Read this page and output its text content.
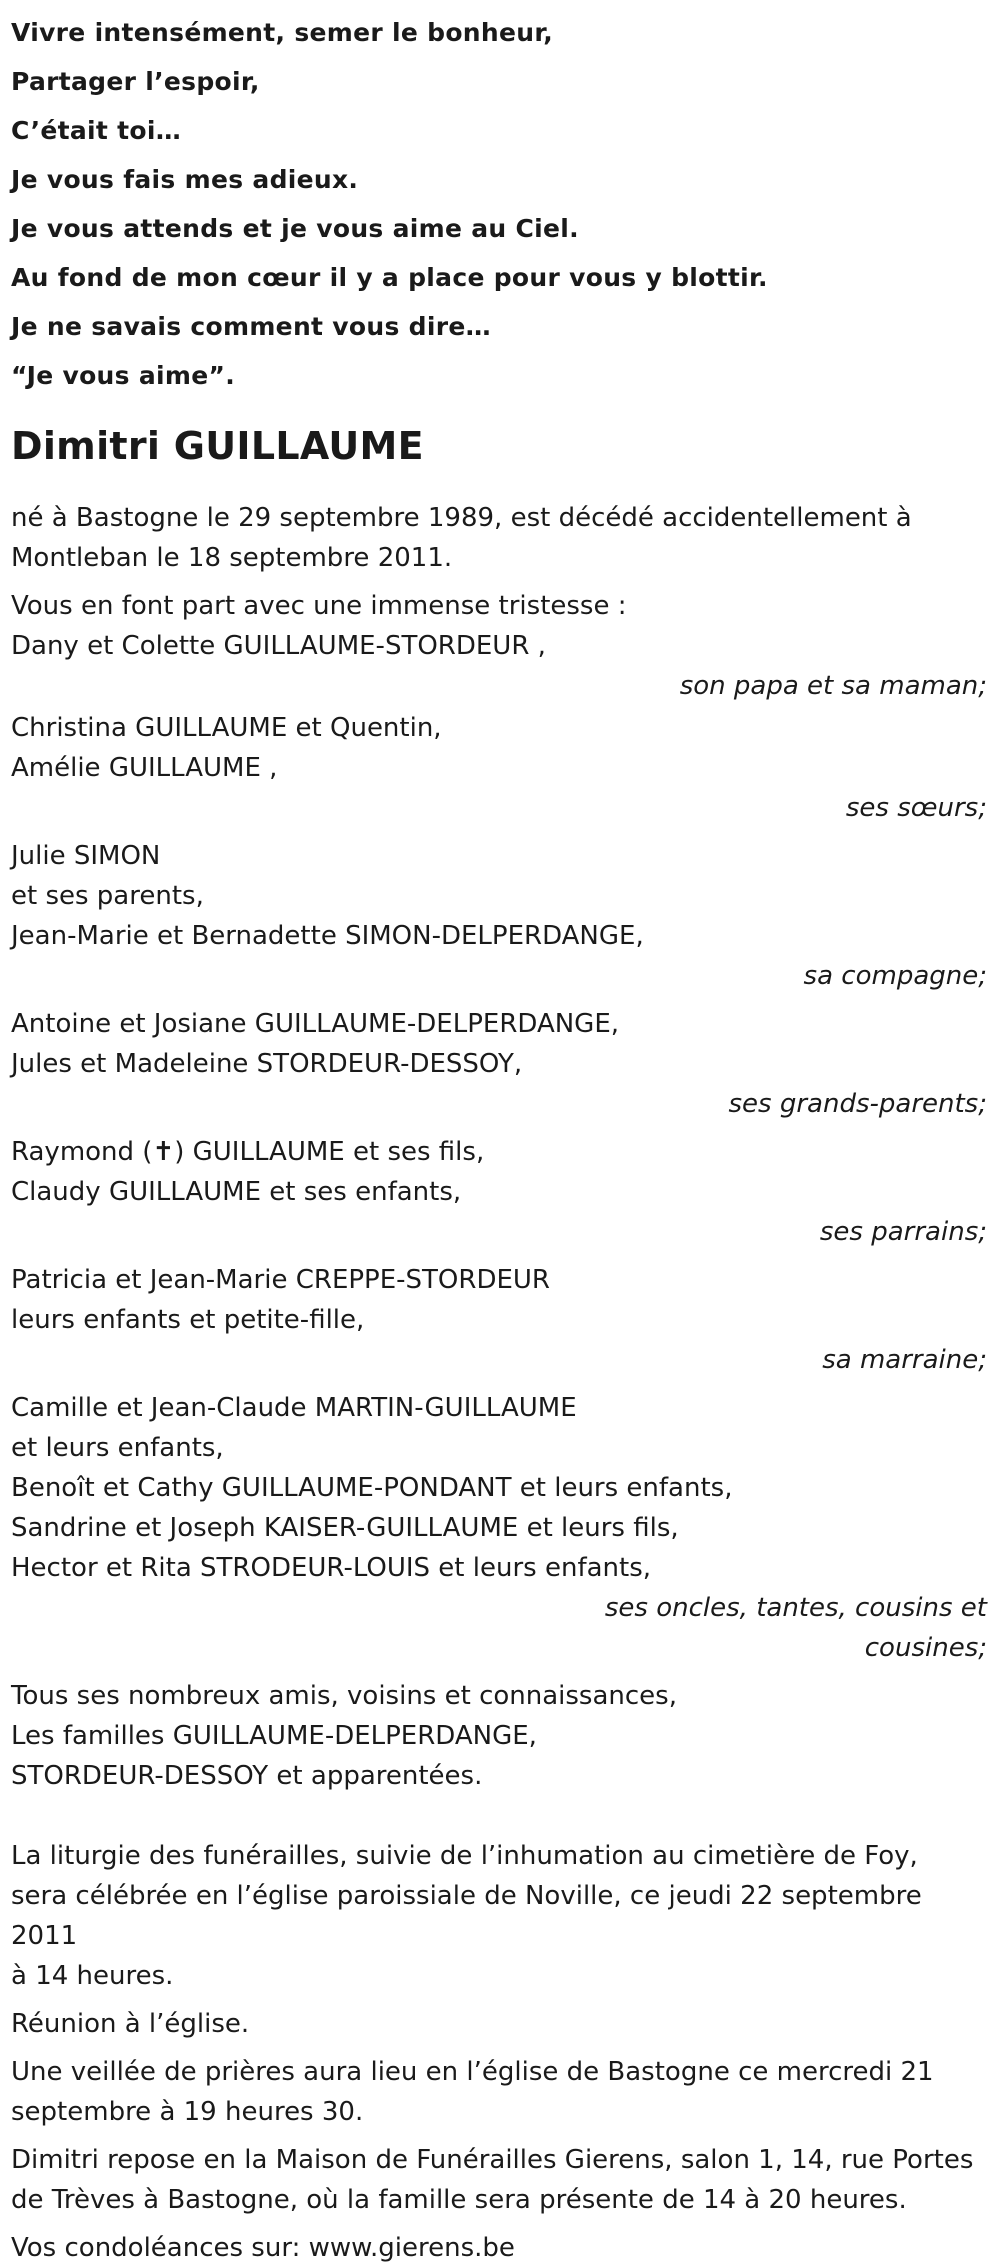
Vivre intensément, semer le bonheur,
Partager l’espoir,
C’était toi…
Je vous fais mes adieux.
Je vous attends et je vous aime au Ciel.
Au fond de mon cœur il y a place pour vous y blottir.
Je ne savais comment vous dire…
“Je vous aime”.
Dimitri GUILLAUME

né à Bastogne le 29 septembre 1989, est décédé accidentellement à
Montleban le 18 septembre 2011.

Vous en font part avec une immense tristesse :

Dany et Colette GUILLAUME-STORDEUR ,
son papa et sa maman;
Christina GUILLAUME et Quentin,
Amélie GUILLAUME ,
ses sœurs;
Julie SIMON
et ses parents,
Jean-Marie et Bernadette SIMON-DELPERDANGE,
sa compagne;
Antoine et Josiane GUILLAUME-DELPERDANGE,
Jules et Madeleine STORDEUR-DESSOY,
ses grands-parents;
Raymond (✝) GUILLAUME et ses fils,
Claudy GUILLAUME et ses enfants,
ses parrains;
Patricia et Jean-Marie CREPPE-STORDEUR
leurs enfants et petite-fille,
sa marraine;
Camille et Jean-Claude MARTIN-GUILLAUME
et leurs enfants,
Benoît et Cathy GUILLAUME-PONDANT et leurs enfants,
Sandrine et Joseph KAISER-GUILLAUME et leurs fils,
Hector et Rita STRODEUR-LOUIS et leurs enfants,
ses oncles, tantes, cousins et cousines;
Tous ses nombreux amis, voisins et connaissances,
Les familles GUILLAUME-DELPERDANGE,
STORDEUR-DESSOY et apparentées.

La liturgie des funérailles, suivie de l’inhumation au cimetière de Foy,
sera célébrée en l’église paroissiale de Noville, ce jeudi 22 septembre 2011
à 14 heures.

Réunion à l’église.

Une veillée de prières aura lieu en l’église de Bastogne ce mercredi 21
septembre à 19 heures 30.

Dimitri repose en la Maison de Funérailles Gierens, salon 1, 14, rue Portes
de Trèves à Bastogne, où la famille sera présente de 14 à 20 heures.

Vos condoléances sur: www.gierens.be
